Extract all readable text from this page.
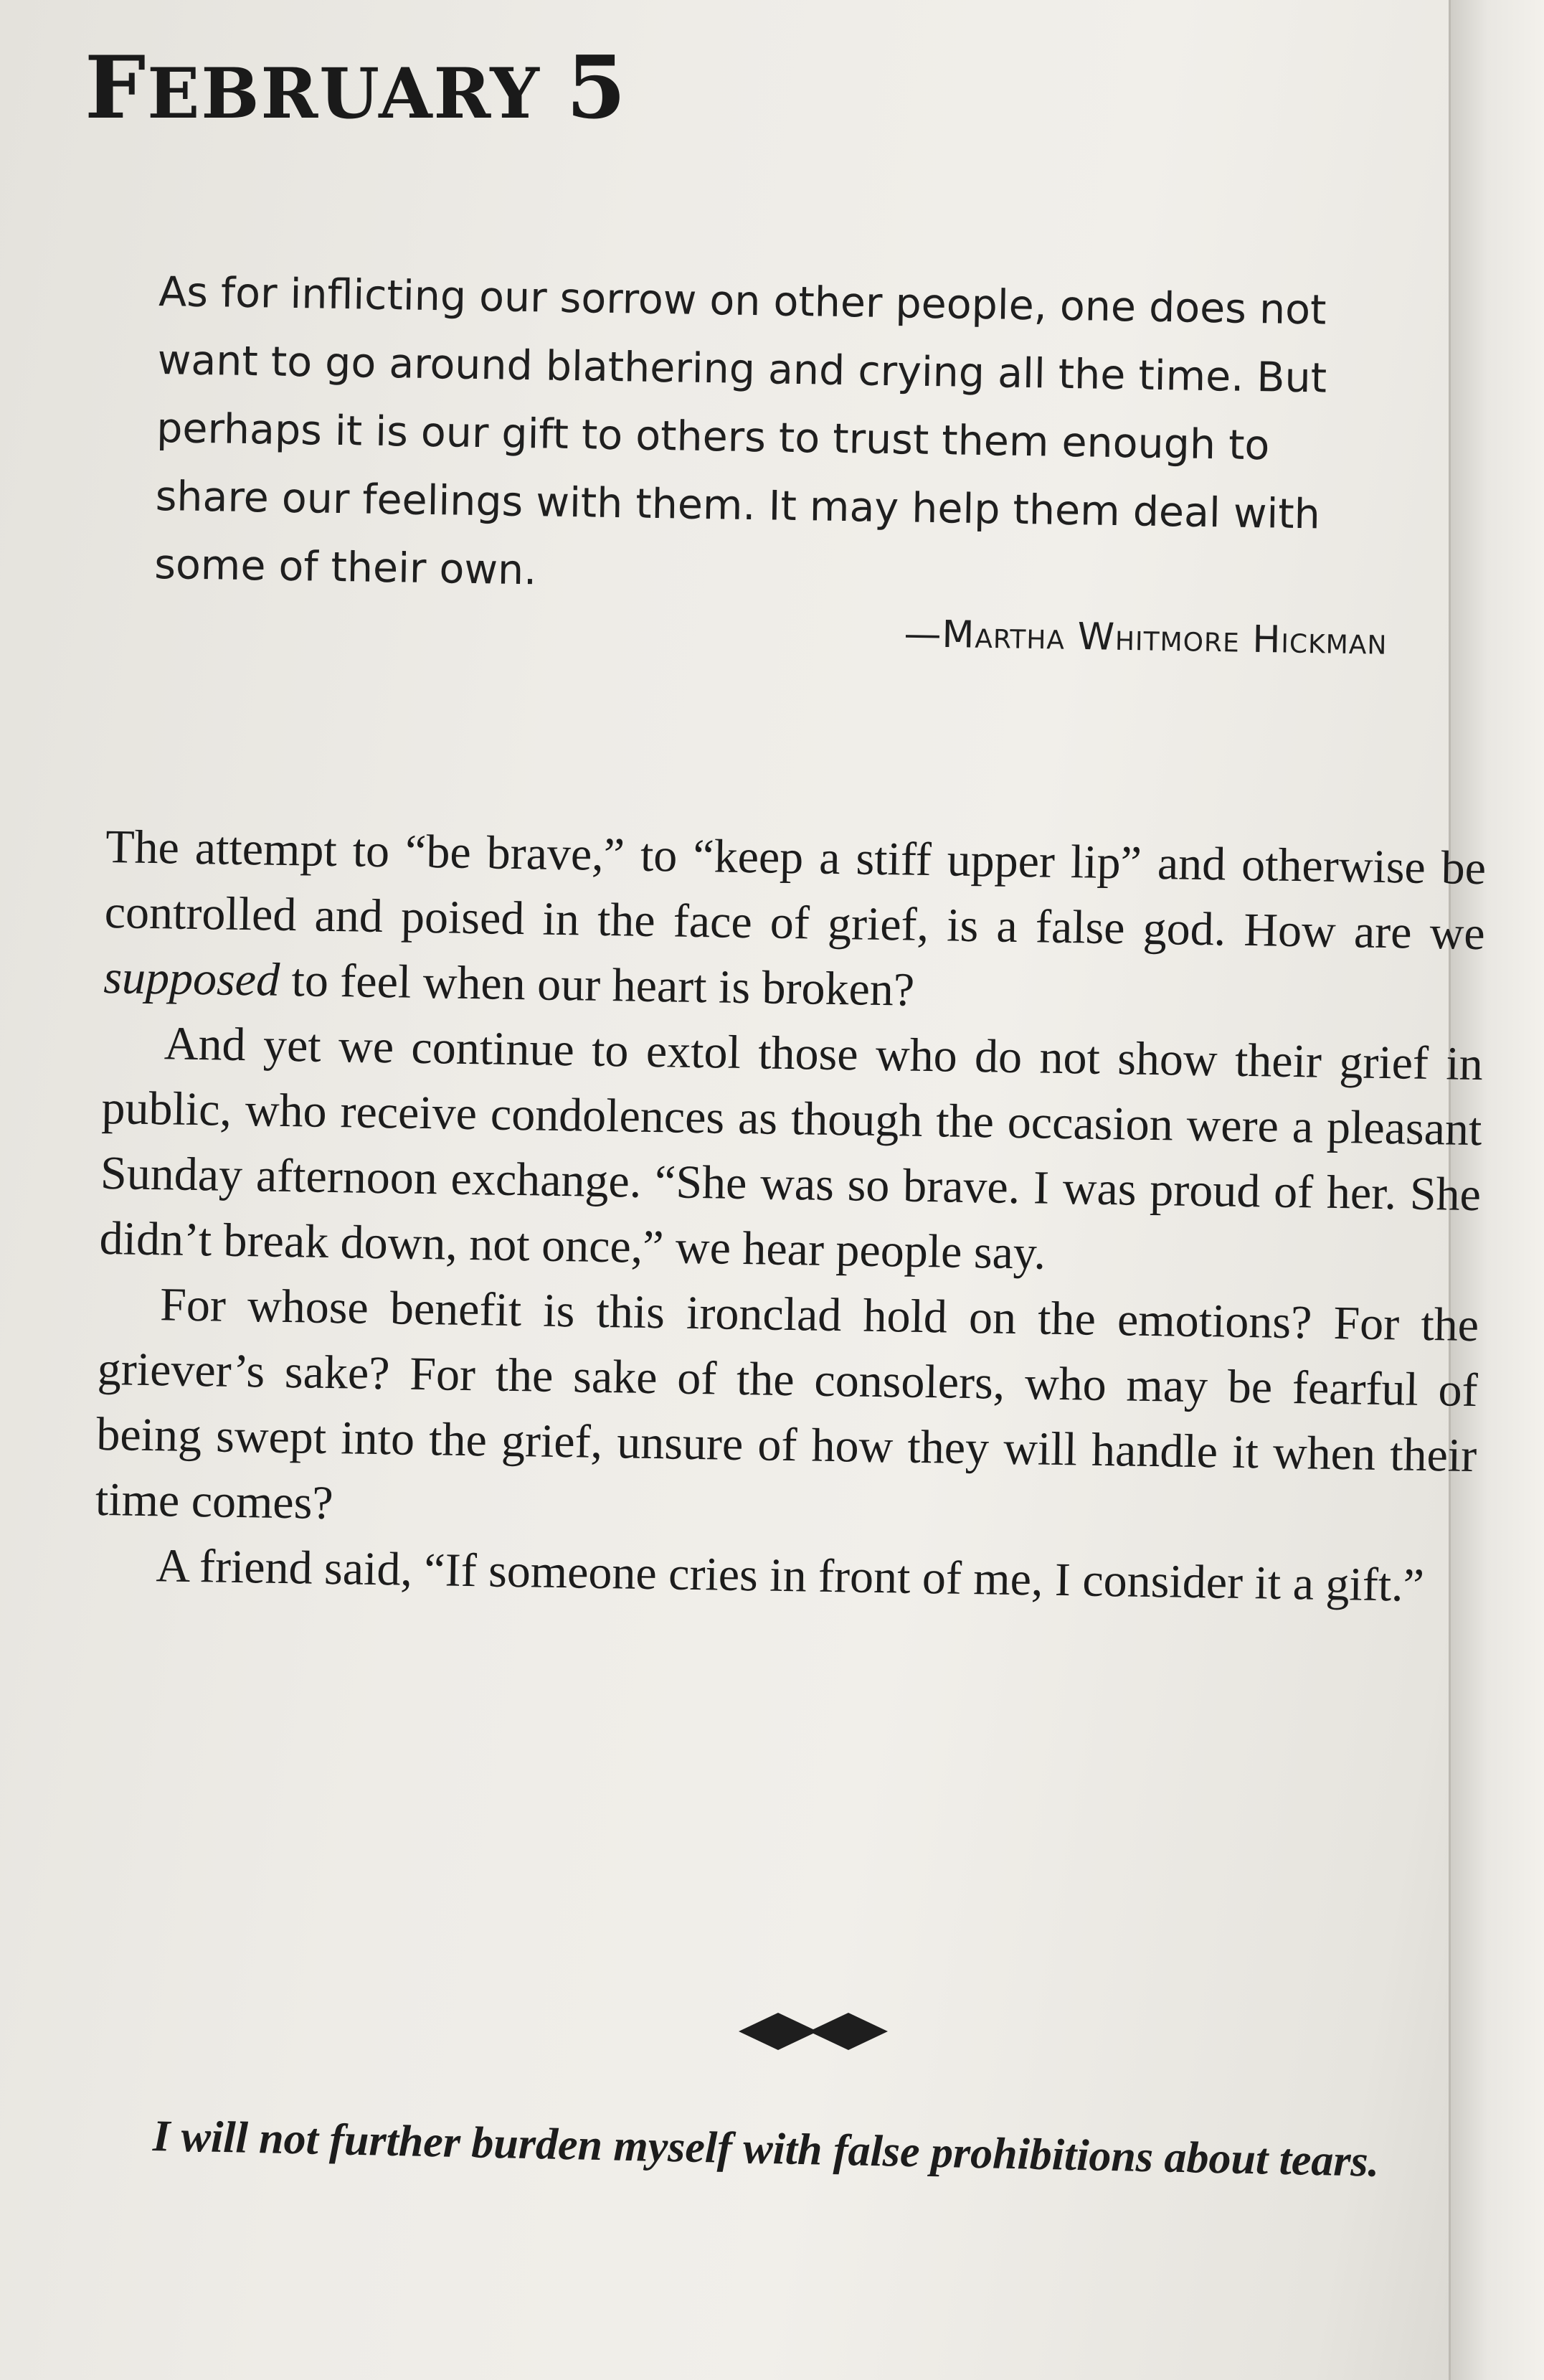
FEBRUARY 5

As for inflicting our sorrow on other people, one does not want to go around blathering and crying all the time. But perhaps it is our gift to others to trust them enough to share our feelings with them. It may help them deal with some of their own.

—Martha Whitmore Hickman

The attempt to “be brave,” to “keep a stiff upper lip” and otherwise be controlled and poised in the face of grief, is a false god. How are we supposed to feel when our heart is broken?

And yet we continue to extol those who do not show their grief in public, who receive condolences as though the occasion were a pleasant Sunday afternoon exchange. “She was so brave. I was proud of her. She didn’t break down, not once,” we hear people say.

For whose benefit is this ironclad hold on the emotions? For the griever’s sake? For the sake of the consolers, who may be fearful of being swept into the grief, unsure of how they will handle it when their time comes?

A friend said, “If someone cries in front of me, I consider it a gift.”

I will not further burden myself with false prohibitions about tears.
